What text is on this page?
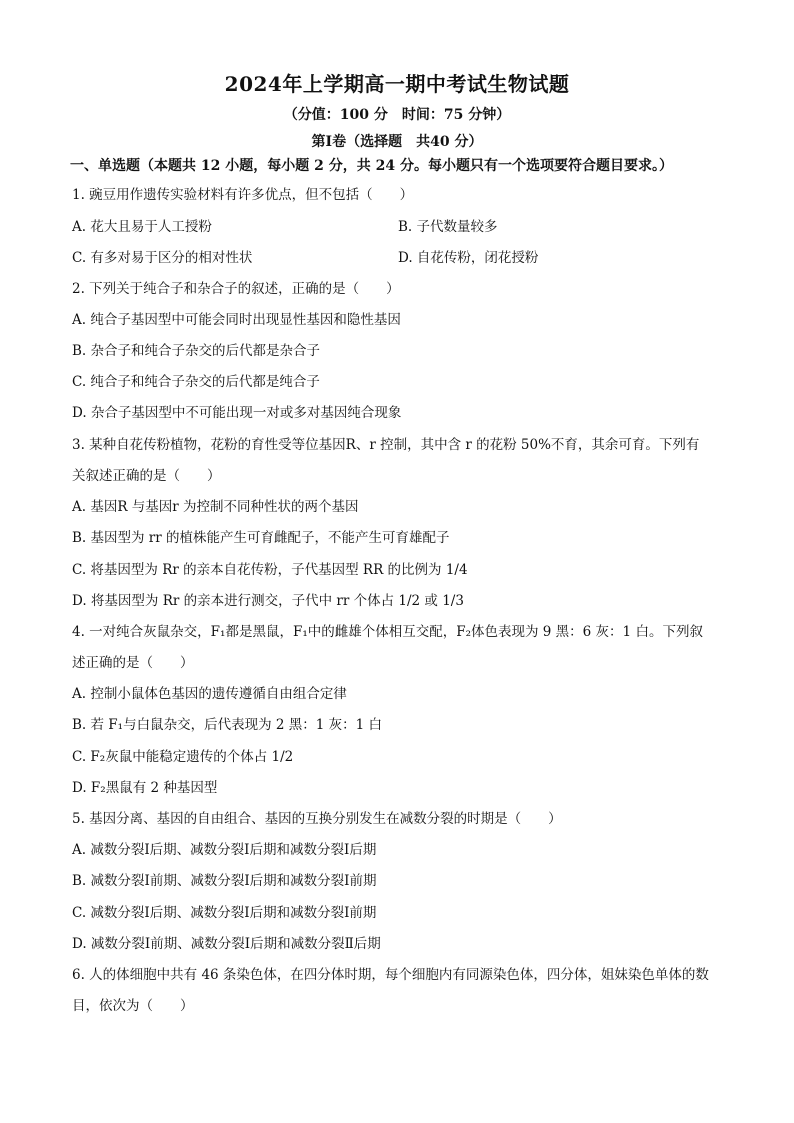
2024年上学期高一期中考试生物试题
（分值：100 分　时间：75 分钟）
第Ⅰ卷（选择题　共40 分）
一、单选题（本题共 12 小题，每小题 2 分，共 24 分。每小题只有一个选项要符合题目要求。）
1. 豌豆用作遗传实验材料有许多优点，但不包括（　　）
A. 花大且易于人工授粉	B. 子代数量较多
C. 有多对易于区分的相对性状	D. 自花传粉，闭花授粉
2. 下列关于纯合子和杂合子的叙述，正确的是（　　）
A. 纯合子基因型中可能会同时出现显性基因和隐性基因
B. 杂合子和纯合子杂交的后代都是杂合子
C. 纯合子和纯合子杂交的后代都是纯合子
D. 杂合子基因型中不可能出现一对或多对基因纯合现象
3. 某种自花传粉植物，花粉的育性受等位基因R、r 控制，其中含 r 的花粉 50%不育，其余可育。下列有
关叙述正确的是（　　）
A. 基因R 与基因r 为控制不同种性状的两个基因
B. 基因型为 rr 的植株能产生可育雌配子，不能产生可育雄配子
C. 将基因型为 Rr 的亲本自花传粉，子代基因型 RR 的比例为 1/4
D. 将基因型为 Rr 的亲本进行测交，子代中 rr 个体占 1/2 或 1/3
4. 一对纯合灰鼠杂交，F₁都是黑鼠，F₁中的雌雄个体相互交配，F₂体色表现为 9 黑：6 灰：1 白。下列叙
述正确的是（　　）
A. 控制小鼠体色基因的遗传遵循自由组合定律
B. 若 F₁与白鼠杂交，后代表现为 2 黑：1 灰：1 白
C. F₂灰鼠中能稳定遗传的个体占 1/2
D. F₂黑鼠有 2 种基因型
5. 基因分离、基因的自由组合、基因的互换分别发生在减数分裂的时期是（　　）
A. 减数分裂Ⅰ后期、减数分裂Ⅰ后期和减数分裂Ⅰ后期
B. 减数分裂Ⅰ前期、减数分裂Ⅰ后期和减数分裂Ⅰ前期
C. 减数分裂Ⅰ后期、减数分裂Ⅰ后期和减数分裂Ⅰ前期
D. 减数分裂Ⅰ前期、减数分裂Ⅰ后期和减数分裂Ⅱ后期
6. 人的体细胞中共有 46 条染色体，在四分体时期，每个细胞内有同源染色体，四分体，姐妹染色单体的数
目，依次为（　　）
